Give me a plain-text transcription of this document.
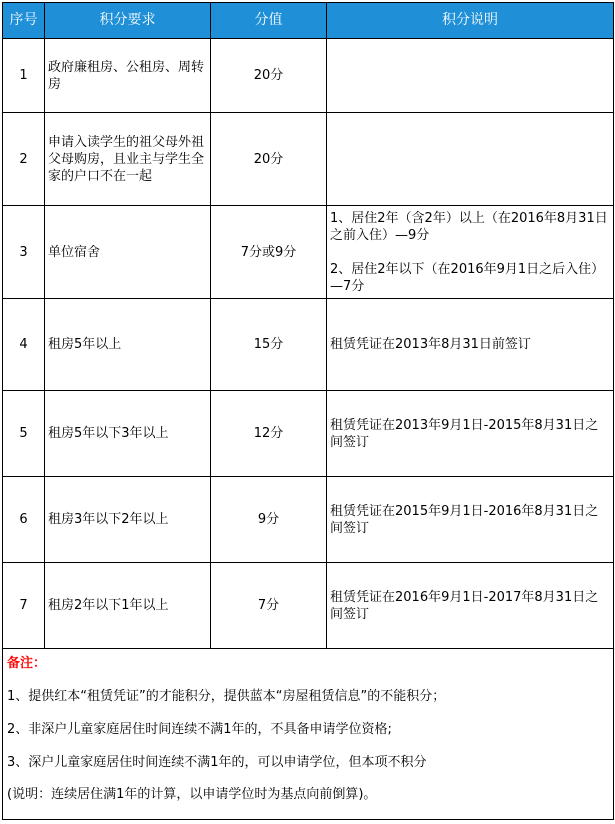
序号	积分要求	分值	积分说明
1	政府廉租房、公租房、周转房	20分	
2	申请入读学生的祖父母外祖父母购房，且业主与学生全家的户口不在一起	20分	
3	单位宿舍	7分或9分	1、居住2年（含2年）以上（在2016年8月31日之前入住）—9分
2、居住2年以下（在2016年9月1日之后入住）—7分
4	租房5年以上	15分	租赁凭证在2013年8月31日前签订
5	租房5年以下3年以上	12分	租赁凭证在2013年9月1日-2015年8月31日之间签订
6	租房3年以下2年以上	9分	租赁凭证在2015年9月1日-2016年8月31日之间签订
7	租房2年以下1年以上	7分	租赁凭证在2016年9月1日-2017年8月31日之间签订

备注：
1、提供红本“租赁凭证”的才能积分，提供蓝本“房屋租赁信息”的不能积分；
2、非深户儿童家庭居住时间连续不满1年的，不具备申请学位资格;
3、深户儿童家庭居住时间连续不满1年的，可以申请学位，但本项不积分
(说明：连续居住满1年的计算，以申请学位时为基点向前倒算)。			
